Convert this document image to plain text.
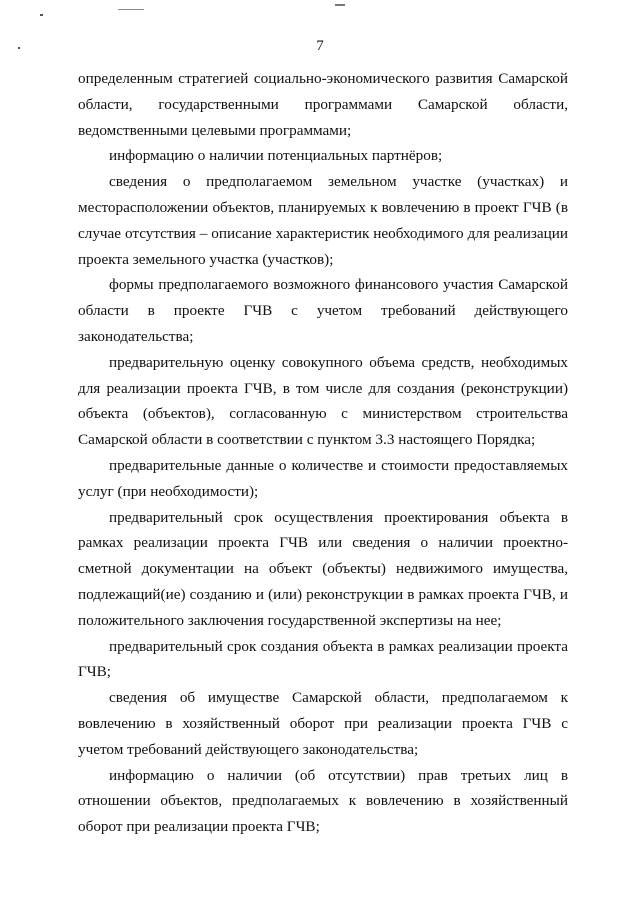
7

определенным стратегией социально-экономического развития Самарской области, государственными программами Самарской области, ведомственными целевыми программами;

информацию о наличии потенциальных партнёров;

сведения о предполагаемом земельном участке (участках) и месторасположении объектов, планируемых к вовлечению в проект ГЧВ (в случае отсутствия – описание характеристик необходимого для реализации проекта земельного участка (участков);

формы предполагаемого возможного финансового участия Самарской области в проекте ГЧВ с учетом требований действующего законодательства;

предварительную оценку совокупного объема средств, необходимых для реализации проекта ГЧВ, в том числе для создания (реконструкции) объекта (объектов), согласованную с министерством строительства Самарской области в соответствии с пунктом 3.3 настоящего Порядка;

предварительные данные о количестве и стоимости предоставляемых услуг (при необходимости);

предварительный срок осуществления проектирования объекта в рамках реализации проекта ГЧВ или сведения о наличии проектно-сметной документации на объект (объекты) недвижимого имущества, подлежащий(ие) созданию и (или) реконструкции в рамках проекта ГЧВ, и положительного заключения государственной экспертизы на нее;

предварительный срок создания объекта в рамках реализации проекта ГЧВ;

сведения об имуществе Самарской области, предполагаемом к вовлечению в хозяйственный оборот при реализации проекта ГЧВ с учетом требований действующего законодательства;

информацию о наличии (об отсутствии) прав третьих лиц в отношении объектов, предполагаемых к вовлечению в хозяйственный оборот при реализации проекта ГЧВ;
